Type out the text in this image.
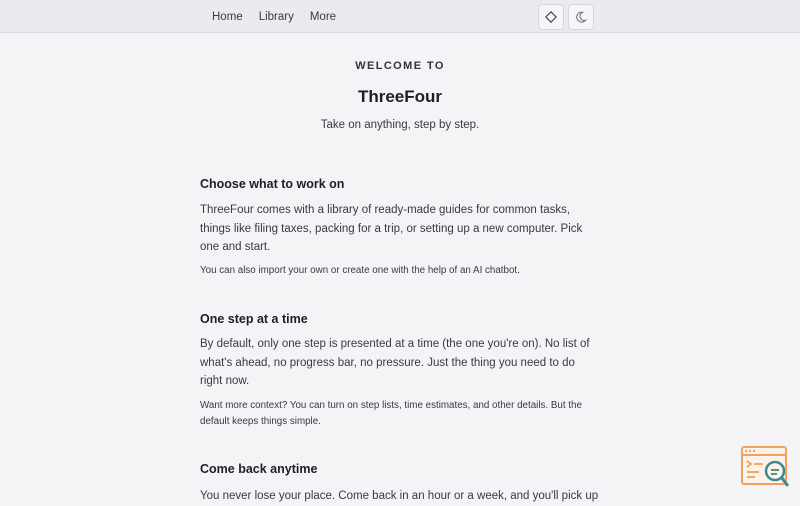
Home	Library	More
WELCOME TO
ThreeFour
Take on anything, step by step.
Choose what to work on

ThreeFour comes with a library of ready-made guides for common tasks, things like filing taxes, packing for a trip, or setting up a new computer. Pick one and start.

You can also import your own or create one with the help of an AI chatbot.

One step at a time

By default, only one step is presented at a time (the one you're on). No list of what's ahead, no progress bar, no pressure. Just the thing you need to do right now.

Want more context? You can turn on step lists, time estimates, and other details. But the default keeps things simple.

Come back anytime

You never lose your place. Come back in an hour or a week, and you'll pick up
